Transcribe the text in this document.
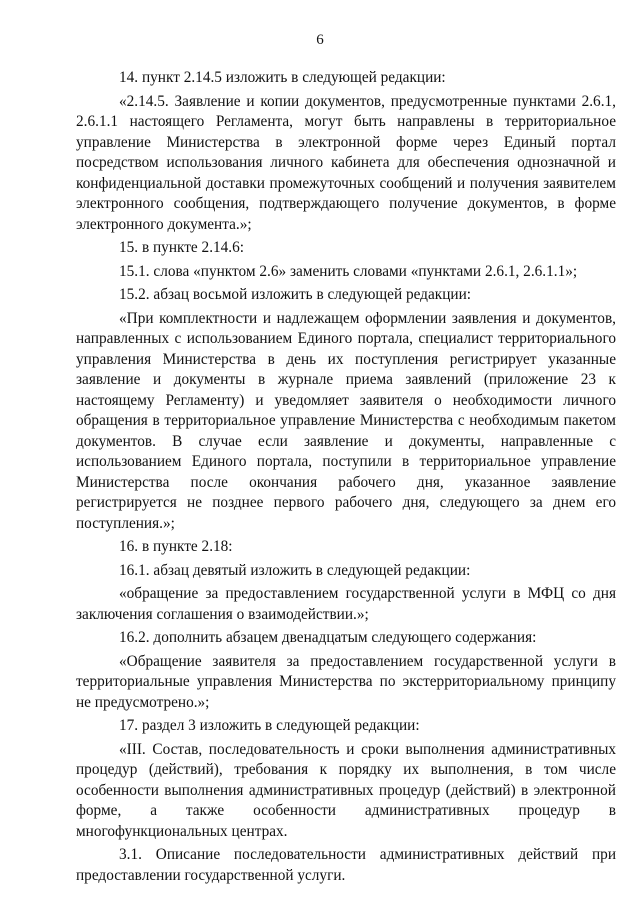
6

14. пункт 2.14.5 изложить в следующей редакции:

«2.14.5. Заявление и копии документов, предусмотренные пунктами 2.6.1, 2.6.1.1 настоящего Регламента, могут быть направлены в территориальное управление Министерства в электронной форме через Единый портал посредством использования личного кабинета для обеспечения однозначной и конфиденциальной доставки промежуточных сообщений и получения заявителем электронного сообщения, подтверждающего получение документов, в форме электронного документа.»;

15. в пункте 2.14.6:

15.1. слова «пунктом 2.6» заменить словами «пунктами 2.6.1, 2.6.1.1»;

15.2. абзац восьмой изложить в следующей редакции:

«При комплектности и надлежащем оформлении заявления и документов, направленных с использованием Единого портала, специалист территориального управления Министерства в день их поступления регистрирует указанные заявление и документы в журнале приема заявлений (приложение 23 к настоящему Регламенту) и уведомляет заявителя о необходимости личного обращения в территориальное управление Министерства с необходимым пакетом документов. В случае если заявление и документы, направленные с использованием Единого портала, поступили в территориальное управление Министерства после окончания рабочего дня, указанное заявление регистрируется не позднее первого рабочего дня, следующего за днем его поступления.»;

16. в пункте 2.18:

16.1. абзац девятый изложить в следующей редакции:

«обращение за предоставлением государственной услуги в МФЦ со дня заключения соглашения о взаимодействии.»;

16.2. дополнить абзацем двенадцатым следующего содержания:

«Обращение заявителя за предоставлением государственной услуги в территориальные управления Министерства по экстерриториальному принципу не предусмотрено.»;

17. раздел 3 изложить в следующей редакции:

«III. Состав, последовательность и сроки выполнения административных процедур (действий), требования к порядку их выполнения, в том числе особенности выполнения административных процедур (действий) в электронной форме, а также особенности административных процедур в многофункциональных центрах.

3.1. Описание последовательности административных действий при предоставлении государственной услуги.
